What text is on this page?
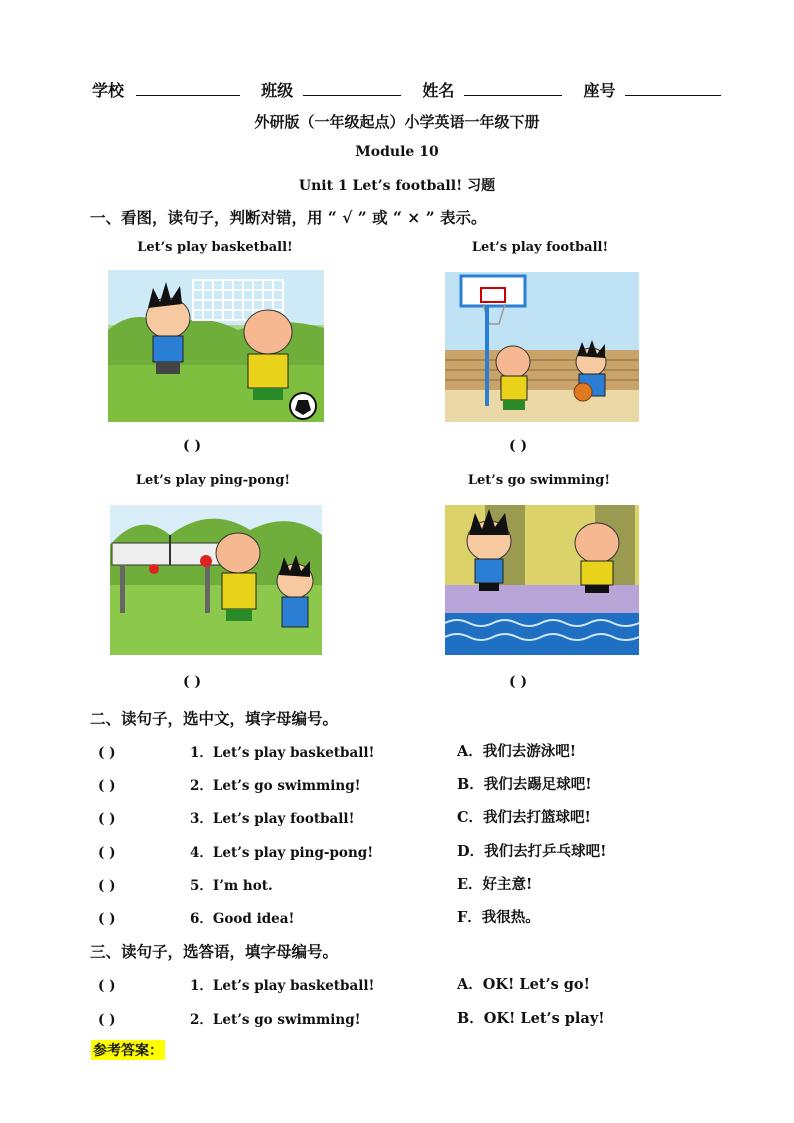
学校	班级	姓名	座号
外研版（一年级起点）小学英语一年级下册
Module 10
Unit 1 Let’s football! 习题
一、看图，读句子，判断对错，用 “ √ ” 或 “ × ” 表示。
Let’s play basketball!	Let’s play football!
( )	( )
Let’s play ping-pong!	Let’s go swimming!
( )	( )
二、读句子，选中文，填字母编号。
( )	1．Let’s play basketball!	A．我们去游泳吧!
( )	2．Let’s go swimming!	B．我们去踢足球吧!
( )	3．Let’s play football!	C．我们去打篮球吧!
( )	4．Let’s play ping-pong!	D．我们去打乒乓球吧!
( )	5．I’m hot.	E．好主意!
( )	6．Good idea!	F．我很热。
三、读句子，选答语，填字母编号。
( )	1．Let’s play basketball!	A．OK! Let’s go!
( )	2．Let’s go swimming!	B．OK! Let’s play!
参考答案：
